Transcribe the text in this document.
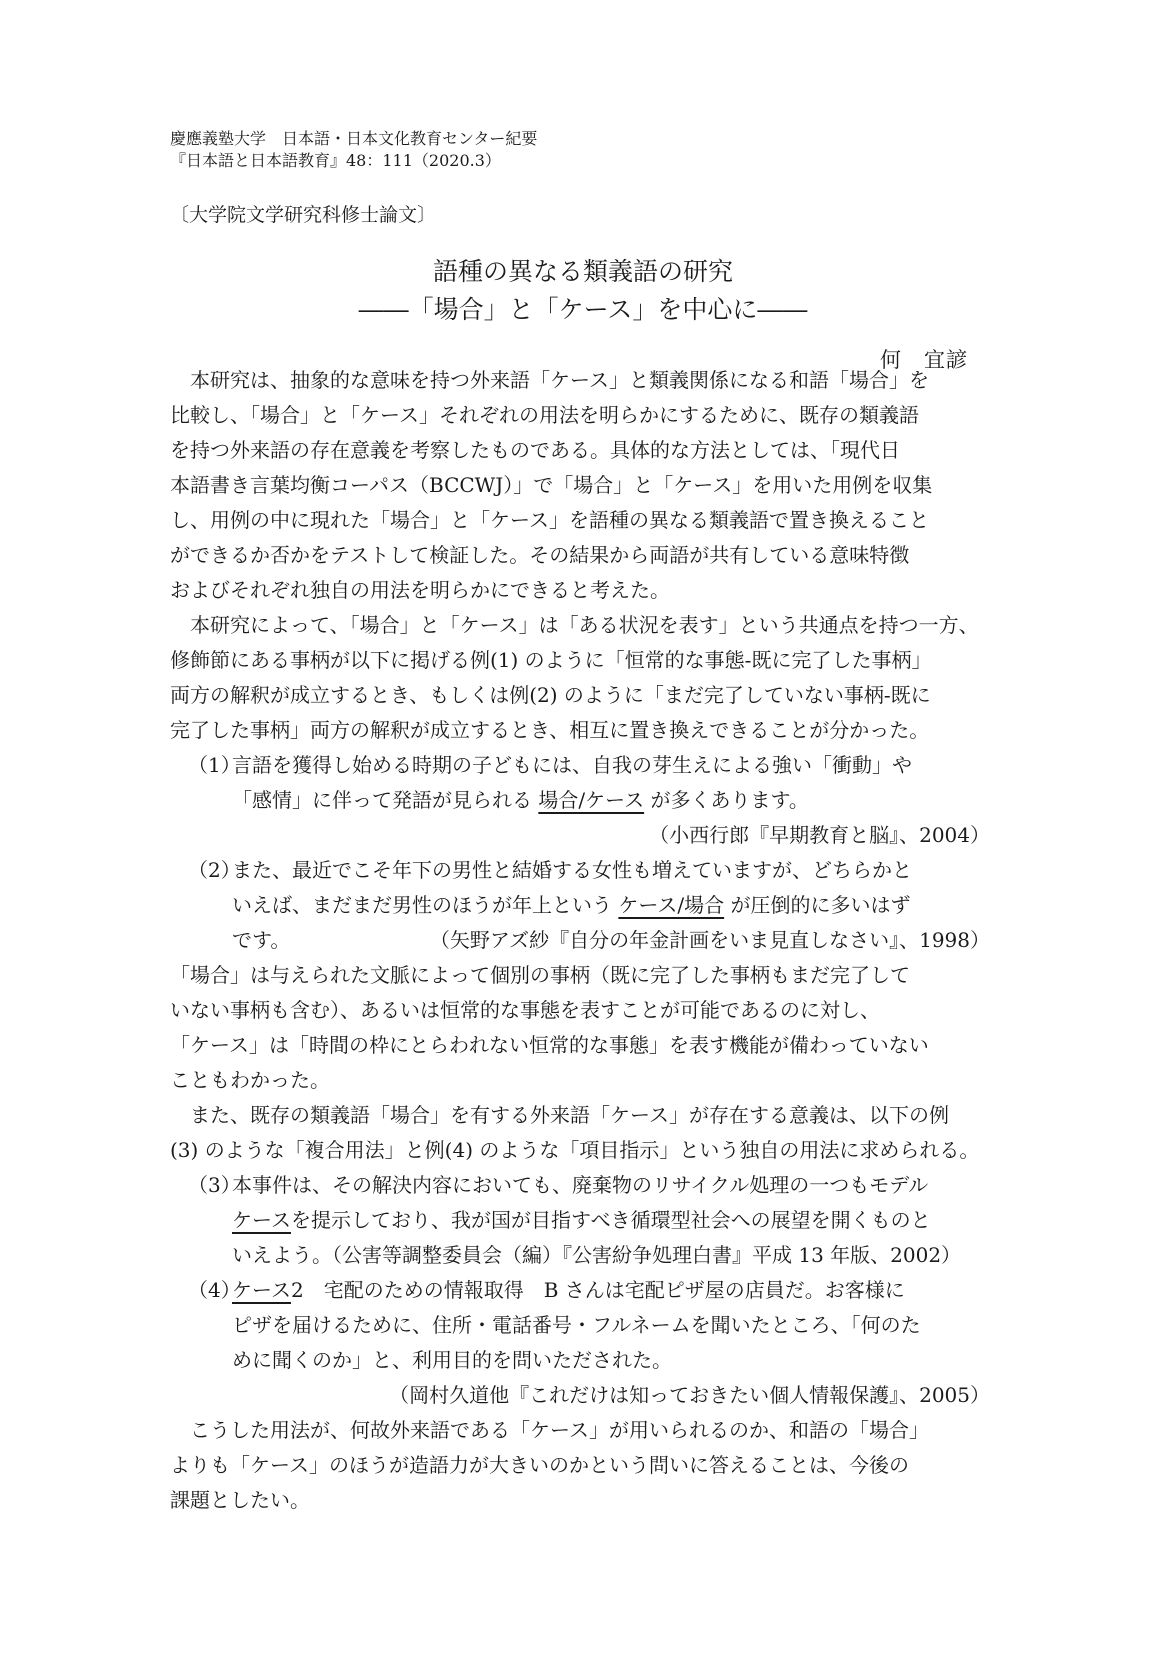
慶應義塾大学　日本語・日本文化教育センター紀要
『日本語と日本語教育』48：111（2020.3）
〔大学院文学研究科修士論文〕
語種の異なる類義語の研究
――「場合」と「ケース」を中心に――
何　宜諺
　本研究は、抽象的な意味を持つ外来語「ケース」と類義関係になる和語「場合」を
比較し、「場合」と「ケース」それぞれの用法を明らかにするために、既存の類義語
を持つ外来語の存在意義を考察したものである。具体的な方法としては、「現代日
本語書き言葉均衡コーパス（BCCWJ）」で「場合」と「ケース」を用いた用例を収集
し、用例の中に現れた「場合」と「ケース」を語種の異なる類義語で置き換えること
ができるか否かをテストして検証した。その結果から両語が共有している意味特徴
およびそれぞれ独自の用法を明らかにできると考えた。
　本研究によって、「場合」と「ケース」は「ある状況を表す」という共通点を持つ一方、
修飾節にある事柄が以下に掲げる例(1) のように「恒常的な事態-既に完了した事柄」
両方の解釈が成立するとき、もしくは例(2) のように「まだ完了していない事柄-既に
完了した事柄」両方の解釈が成立するとき、相互に置き換えできることが分かった。
（1）
言語を獲得し始める時期の子どもには、自我の芽生えによる強い「衝動」や
「感情」に伴って発語が見られる 場合/ケース が多くあります。
（小西行郎『早期教育と脳』、2004）
（2）
また、最近でこそ年下の男性と結婚する女性も増えていますが、どちらかと
いえば、まだまだ男性のほうが年上という ケース/場合 が圧倒的に多いはず
です。	（矢野アズ紗『自分の年金計画をいま見直しなさい』、1998）
「場合」は与えられた文脈によって個別の事柄（既に完了した事柄もまだ完了して
いない事柄も含む）、あるいは恒常的な事態を表すことが可能であるのに対し、
「ケース」は「時間の枠にとらわれない恒常的な事態」を表す機能が備わっていない
こともわかった。
　また、既存の類義語「場合」を有する外来語「ケース」が存在する意義は、以下の例
(3) のような「複合用法」と例(4) のような「項目指示」という独自の用法に求められる。
（3）
本事件は、その解決内容においても、廃棄物のリサイクル処理の一つもモデル
ケースを提示しており、我が国が目指すべき循環型社会への展望を開くものと
いえよう。（公害等調整委員会（編）『公害紛争処理白書』平成 13 年版、2002）
（4）
ケース2　宅配のための情報取得　B さんは宅配ピザ屋の店員だ。お客様に
ピザを届けるために、住所・電話番号・フルネームを聞いたところ、「何のた
めに聞くのか」と、利用目的を問いただされた。
（岡村久道他『これだけは知っておきたい個人情報保護』、2005）
　こうした用法が、何故外来語である「ケース」が用いられるのか、和語の「場合」
よりも「ケース」のほうが造語力が大きいのかという問いに答えることは、今後の
課題としたい。
